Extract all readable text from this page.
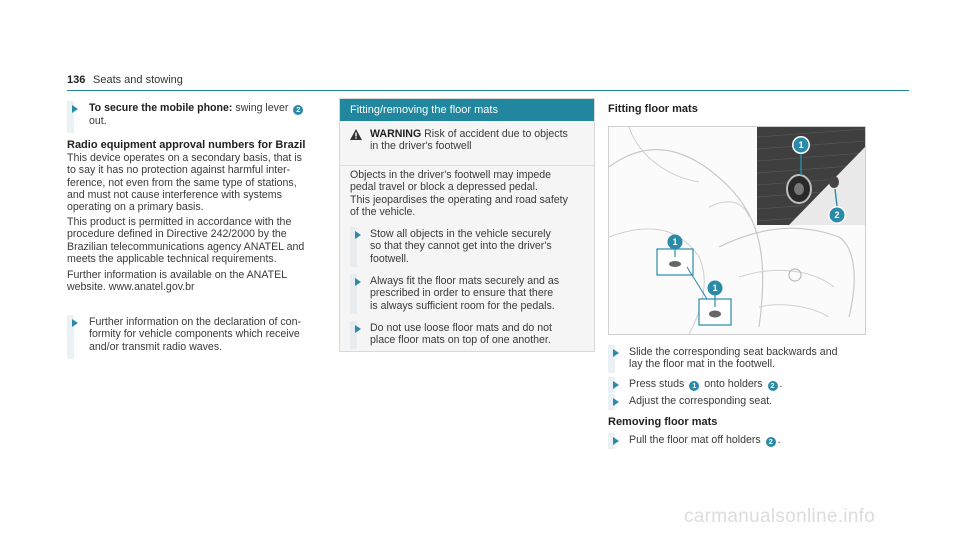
136 Seats and stowing
To secure the mobile phone: swing lever 2
out.
Radio equipment approval numbers for Brazil
This device operates on a secondary basis, that is
to say it has no protection against harmful inter-
ference, not even from the same type of stations,
and must not cause interference with systems
operating on a primary basis.
This product is permitted in accordance with the
procedure defined in Directive 242/2000 by the
Brazilian telecommunications agency ANATEL and
meets the applicable technical requirements.
Further information is available on the ANATEL
website. www.anatel.gov.br
Further information on the declaration of con-
formity for vehicle components which receive
and/or transmit radio waves.
Fitting/removing the floor mats
WARNING Risk of accident due to objects
in the driver's footwell
Objects in the driver's footwell may impede
pedal travel or block a depressed pedal.
This jeopardises the operating and road safety
of the vehicle.
Stow all objects in the vehicle securely
so that they cannot get into the driver's
footwell.
Always fit the floor mats securely and as
prescribed in order to ensure that there
is always sufficient room for the pedals.
Do not use loose floor mats and do not
place floor mats on top of one another.
Fitting floor mats
1
2
1
1
Slide the corresponding seat backwards and
lay the floor mat in the footwell.
Press studs 1 onto holders 2 .
Adjust the corresponding seat.
Removing floor mats
Pull the floor mat off holders 2 .
carmanualsonline.info
